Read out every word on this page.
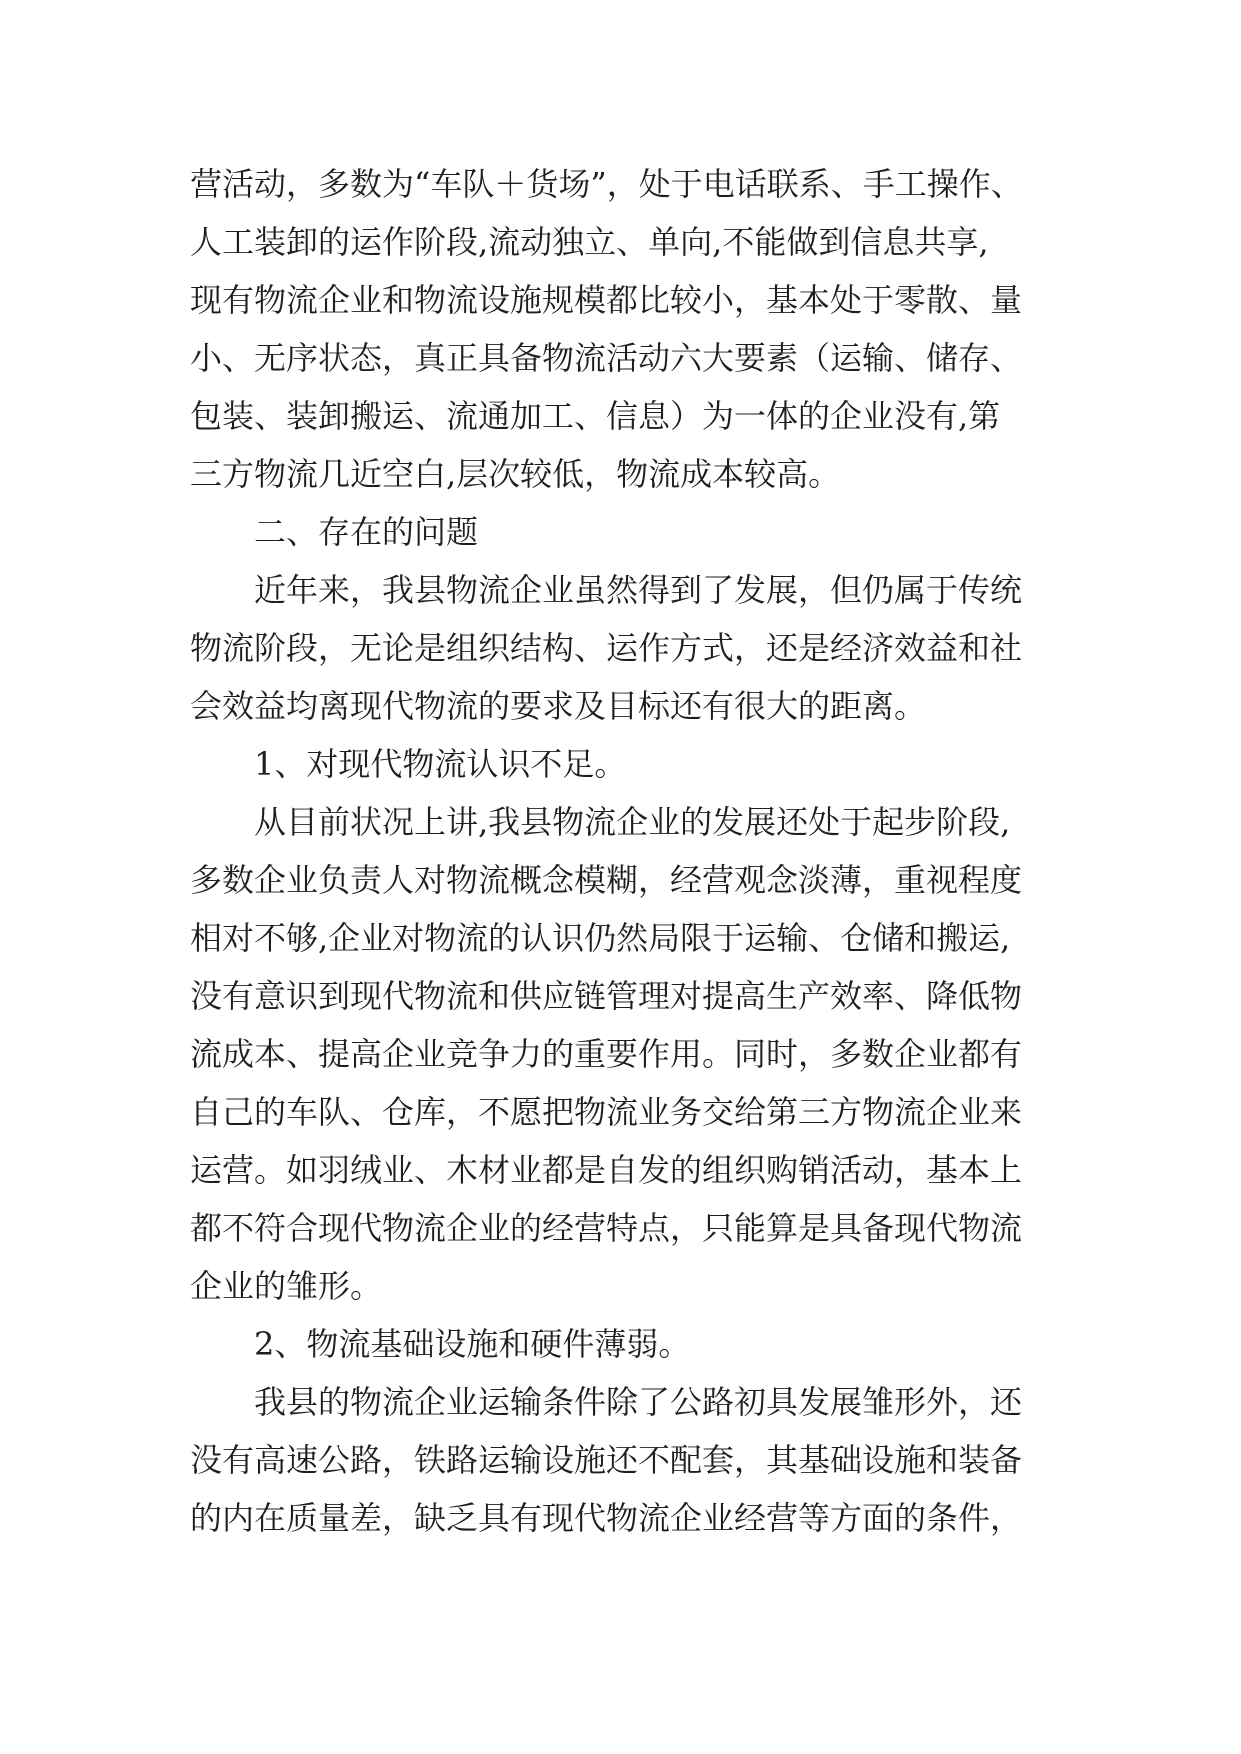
营活动，多数为“车队＋货场”，处于电话联系、手工操作、
人工装卸的运作阶段,流动独立、单向,不能做到信息共享,
现有物流企业和物流设施规模都比较小，基本处于零散、量
小、无序状态，真正具备物流活动六大要素（运输、储存、
包装、装卸搬运、流通加工、信息）为一体的企业没有,第
三方物流几近空白,层次较低，物流成本较高。
二、存在的问题
近年来，我县物流企业虽然得到了发展，但仍属于传统
物流阶段，无论是组织结构、运作方式，还是经济效益和社
会效益均离现代物流的要求及目标还有很大的距离。
1、对现代物流认识不足。
从目前状况上讲,我县物流企业的发展还处于起步阶段,
多数企业负责人对物流概念模糊，经营观念淡薄，重视程度
相对不够,企业对物流的认识仍然局限于运输、仓储和搬运,
没有意识到现代物流和供应链管理对提高生产效率、降低物
流成本、提高企业竞争力的重要作用。同时，多数企业都有
自己的车队、仓库，不愿把物流业务交给第三方物流企业来
运营。如羽绒业、木材业都是自发的组织购销活动，基本上
都不符合现代物流企业的经营特点，只能算是具备现代物流
企业的雏形。
2、物流基础设施和硬件薄弱。
我县的物流企业运输条件除了公路初具发展雏形外，还
没有高速公路，铁路运输设施还不配套，其基础设施和装备
的内在质量差，缺乏具有现代物流企业经营等方面的条件，
